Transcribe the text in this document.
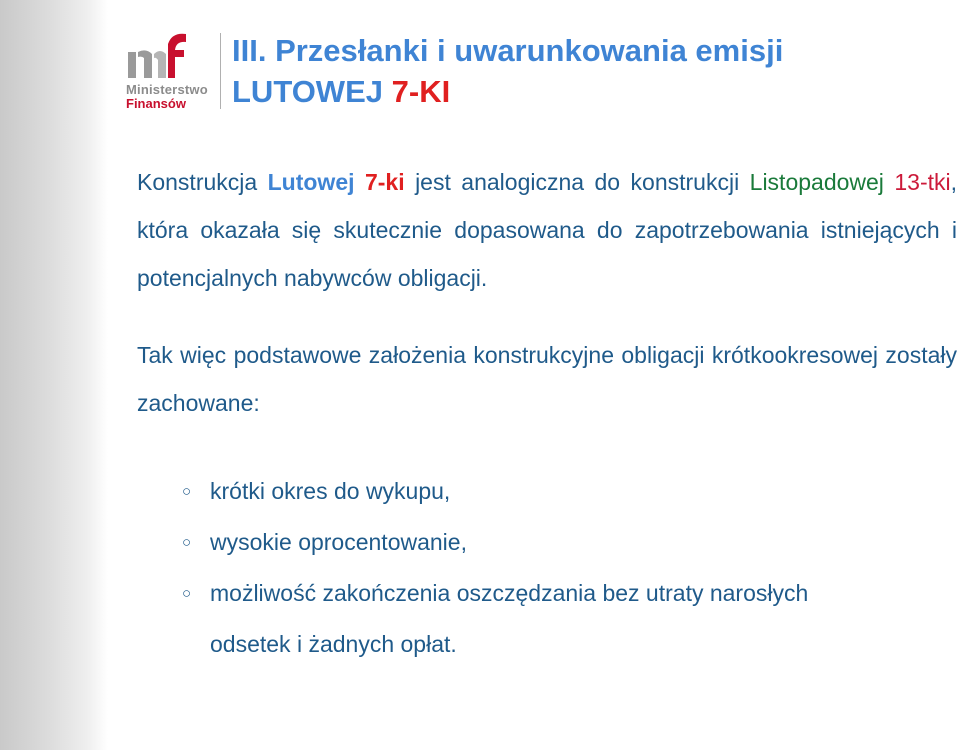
Ministerstwo
Finansów
III. Przesłanki i uwarunkowania emisji
LUTOWEJ 7-KI

Konstrukcja Lutowej 7-ki jest analogiczna do konstrukcji Listopadowej 13-tki, która okazała się skutecznie dopasowana do zapotrzebowania istniejących i potencjalnych nabywców obligacji.

Tak więc podstawowe założenia konstrukcyjne obligacji krótkookresowej zostały zachowane:

○ krótki okres do wykupu,
○ wysokie oprocentowanie,
○ możliwość zakończenia oszczędzania bez utraty narosłych odsetek i żadnych opłat.
